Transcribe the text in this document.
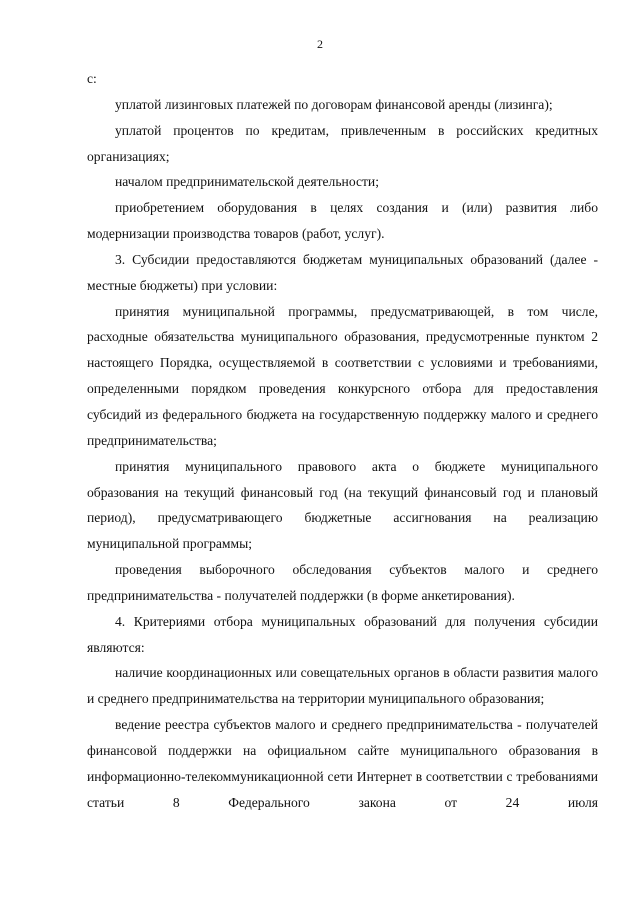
2

с:

уплатой лизинговых платежей по договорам финансовой аренды (лизинга);

уплатой процентов по кредитам, привлеченным в российских кредитных организациях;

началом предпринимательской деятельности;

приобретением оборудования в целях создания и (или) развития либо модернизации производства товаров (работ, услуг).

3. Субсидии предоставляются бюджетам муниципальных образований (далее - местные бюджеты) при условии:

принятия муниципальной программы, предусматривающей, в том числе, расходные обязательства муниципального образования, предусмотренные пунктом 2 настоящего Порядка, осуществляемой в соответствии с условиями и требованиями, определенными порядком проведения конкурсного отбора для предоставления субсидий из федерального бюджета на государственную поддержку малого и среднего предпринимательства;

принятия муниципального правового акта о бюджете муниципального образования на текущий финансовый год (на текущий финансовый год и плановый период), предусматривающего бюджетные ассигнования на реализацию муниципальной программы;

проведения выборочного обследования субъектов малого и среднего предпринимательства - получателей поддержки (в форме анкетирования).

4. Критериями отбора муниципальных образований для получения субсидии являются:

наличие координационных или совещательных органов в области развития малого и среднего предпринимательства на территории муниципального образования;

ведение реестра субъектов малого и среднего предпринимательства - получателей финансовой поддержки на официальном сайте муниципального образования в информационно-телекоммуникационной сети Интернет в соответствии с требованиями статьи 8 Федерального закона от 24 июля
